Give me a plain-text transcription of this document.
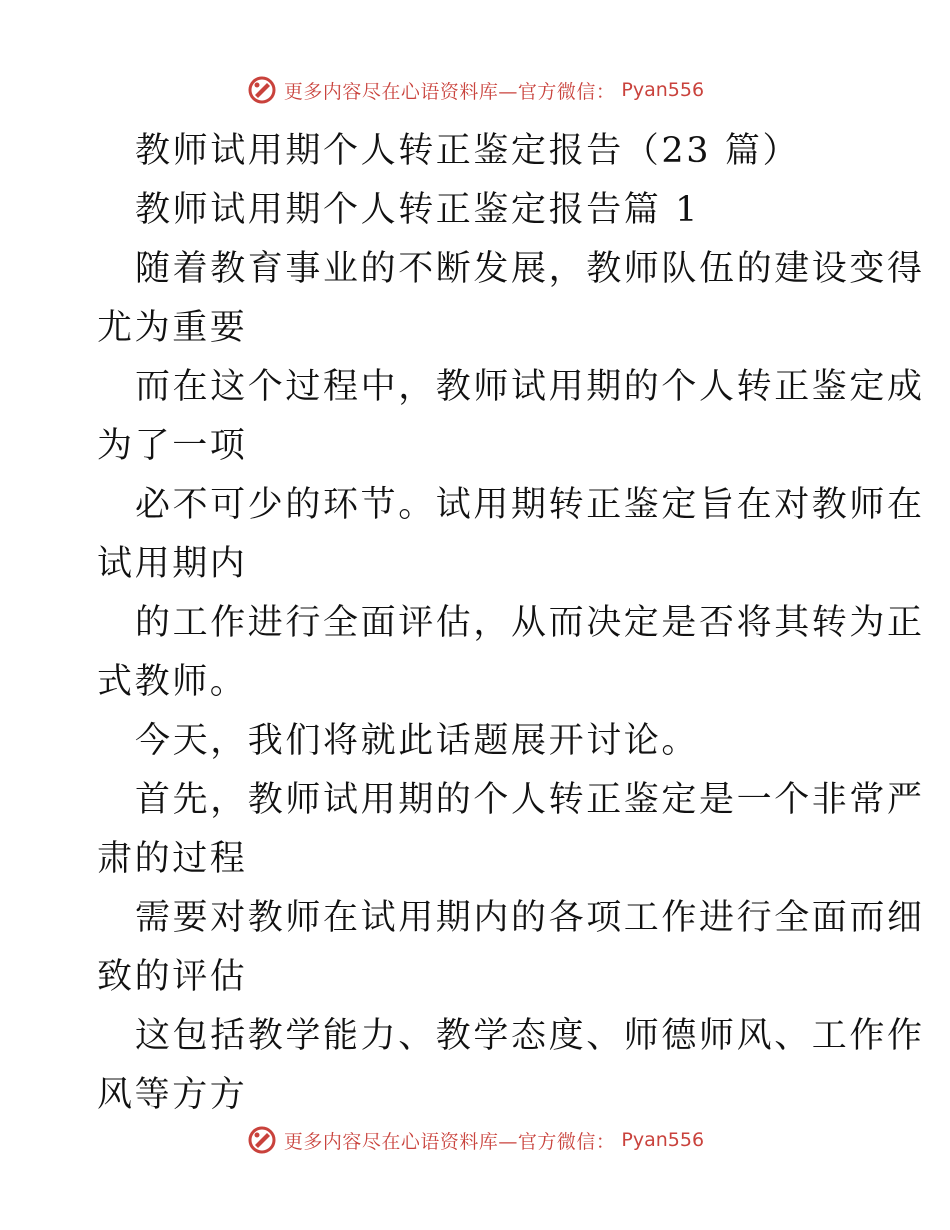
更多内容尽在心语资料库—官方微信： Pyan556
教师试用期个人转正鉴定报告（23 篇）
教师试用期个人转正鉴定报告篇 1
随着教育事业的不断发展，教师队伍的建设变得
尤为重要
而在这个过程中，教师试用期的个人转正鉴定成
为了一项
必不可少的环节。试用期转正鉴定旨在对教师在
试用期内
的工作进行全面评估，从而决定是否将其转为正
式教师。
今天，我们将就此话题展开讨论。
首先，教师试用期的个人转正鉴定是一个非常严
肃的过程
需要对教师在试用期内的各项工作进行全面而细
致的评估
这包括教学能力、教学态度、师德师风、工作作
风等方方
更多内容尽在心语资料库—官方微信： Pyan556
